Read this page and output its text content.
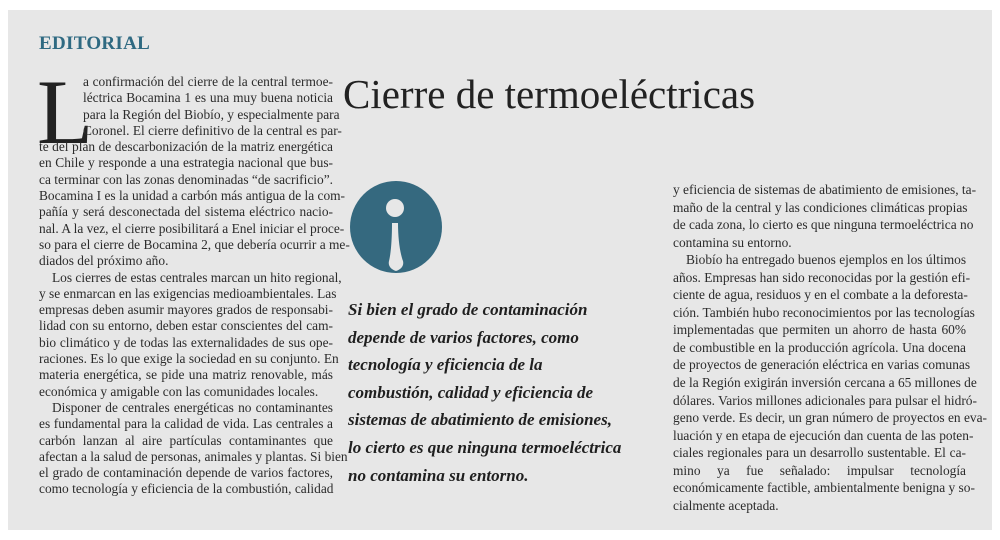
EDITORIAL
L
a confirmación del cierre de la central termoe-
léctrica Bocamina 1 es una muy buena noticia
para la Región del Biobío, y especialmente para
Coronel. El cierre definitivo de la central es par-
te del plan de descarbonización de la matriz energética
en Chile y responde a una estrategia nacional que bus-
ca terminar con las zonas denominadas “de sacrificio”.
Bocamina I es la unidad a carbón más antigua de la com-
pañía y será desconectada del sistema eléctrico nacio-
nal. A la vez, el cierre posibilitará a Enel iniciar el proce-
so para el cierre de Bocamina 2, que debería ocurrir a me-
diados del próximo año.
Los cierres de estas centrales marcan un hito regional,
y se enmarcan en las exigencias medioambientales. Las
empresas deben asumir mayores grados de responsabi-
lidad con su entorno, deben estar conscientes del cam-
bio climático y de todas las externalidades de sus ope-
raciones. Es lo que exige la sociedad en su conjunto. En
materia energética, se pide una matriz renovable, más
económica y amigable con las comunidades locales.
Disponer de centrales energéticas no contaminantes
es fundamental para la calidad de vida. Las centrales a
carbón lanzan al aire partículas contaminantes que
afectan a la salud de personas, animales y plantas. Si bien
el grado de contaminación depende de varios factores,
como tecnología y eficiencia de la combustión, calidad
Cierre de termoeléctricas
Si bien el grado de contaminación
depende de varios factores, como
tecnología y eficiencia de la
combustión, calidad y eficiencia de
sistemas de abatimiento de emisiones,
lo cierto es que ninguna termoeléctrica
no contamina su entorno.
y eficiencia de sistemas de abatimiento de emisiones, ta-
maño de la central y las condiciones climáticas propias
de cada zona, lo cierto es que ninguna termoeléctrica no
contamina su entorno.
Biobío ha entregado buenos ejemplos en los últimos
años. Empresas han sido reconocidas por la gestión efi-
ciente de agua, residuos y en el combate a la deforesta-
ción. También hubo reconocimientos por las tecnologías
implementadas que permiten un ahorro de hasta 60%
de combustible en la producción agrícola. Una docena
de proyectos de generación eléctrica en varias comunas
de la Región exigirán inversión cercana a 65 millones de
dólares. Varios millones adicionales para pulsar el hidró-
geno verde. Es decir, un gran número de proyectos en eva-
luación y en etapa de ejecución dan cuenta de las poten-
ciales regionales para un desarrollo sustentable. El ca-
mino ya fue señalado: impulsar tecnología
económicamente factible, ambientalmente benigna y so-
cialmente aceptada.
